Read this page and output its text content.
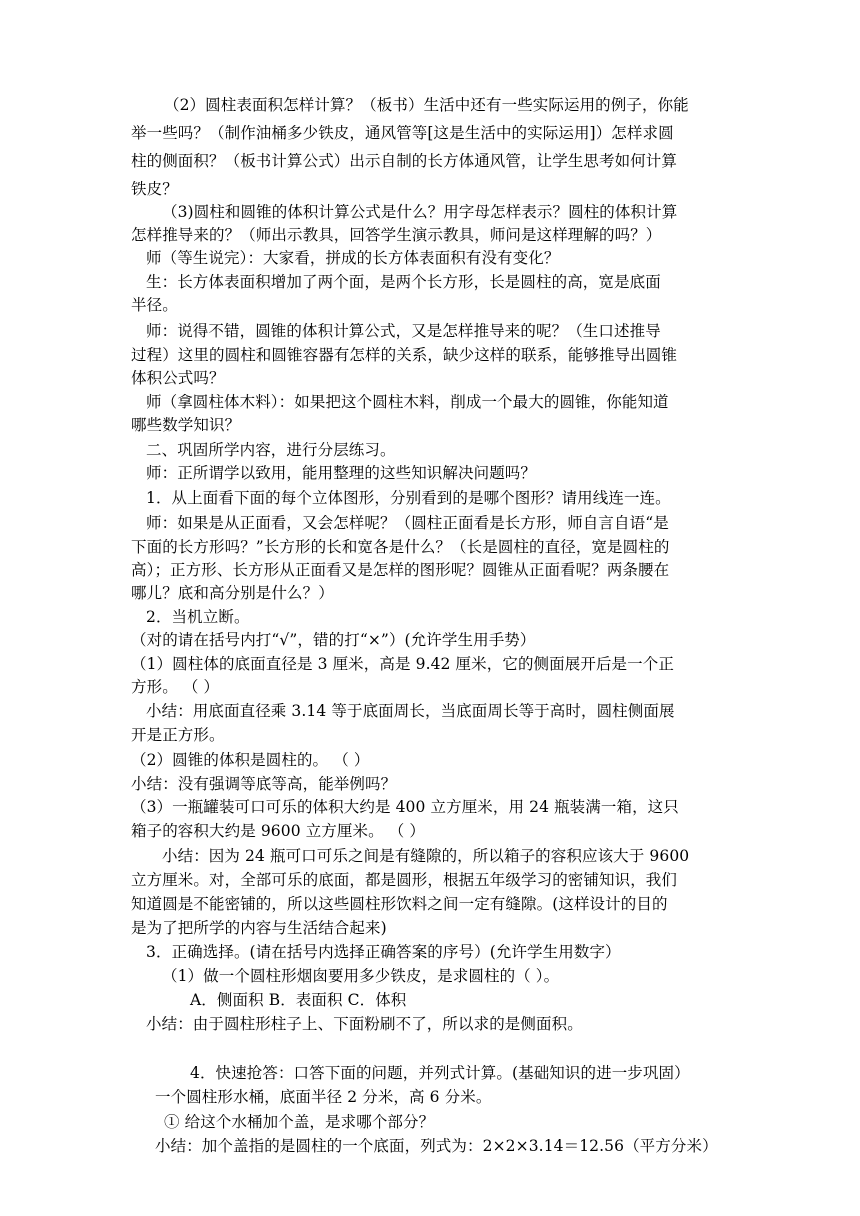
（2）圆柱表面积怎样计算？（板书）生活中还有一些实际运用的例子，你能
举一些吗？（制作油桶多少铁皮，通风管等[这是生活中的实际运用]）怎样求圆
柱的侧面积？（板书计算公式）出示自制的长方体通风管，让学生思考如何计算
铁皮？
（3)圆柱和圆锥的体积计算公式是什么？用字母怎样表示？圆柱的体积计算
怎样推导来的？（师出示教具，回答学生演示教具，师问是这样理解的吗？）
师（等生说完）：大家看，拼成的长方体表面积有没有变化？
生：长方体表面积增加了两个面，是两个长方形，长是圆柱的高，宽是底面
半径。
师：说得不错，圆锥的体积计算公式，又是怎样推导来的呢？（生口述推导
过程）这里的圆柱和圆锥容器有怎样的关系，缺少这样的联系，能够推导出圆锥
体积公式吗？
师（拿圆柱体木料）：如果把这个圆柱木料，削成一个最大的圆锥，你能知道
哪些数学知识？
二、巩固所学内容，进行分层练习。
师：正所谓学以致用，能用整理的这些知识解决问题吗？
1．从上面看下面的每个立体图形，分别看到的是哪个图形？请用线连一连。
师：如果是从正面看，又会怎样呢？（圆柱正面看是长方形，师自言自语“是
下面的长方形吗？”长方形的长和宽各是什么？（长是圆柱的直径，宽是圆柱的
高）；正方形、长方形从正面看又是怎样的图形呢？圆锥从正面看呢？两条腰在
哪儿？底和高分别是什么？）
2．当机立断。
（对的请在括号内打“√”，错的打“×”）(允许学生用手势）
（1）圆柱体的底面直径是 3 厘米，高是 9.42 厘米，它的侧面展开后是一个正
方形。 （ ）
小结：用底面直径乘 3.14 等于底面周长，当底面周长等于高时，圆柱侧面展
开是正方形。
（2）圆锥的体积是圆柱的。 （ ）
小结：没有强调等底等高，能举例吗？
（3）一瓶罐装可口可乐的体积大约是 400 立方厘米，用 24 瓶装满一箱，这只
箱子的容积大约是 9600 立方厘米。 （ ）
小结：因为 24 瓶可口可乐之间是有缝隙的，所以箱子的容积应该大于 9600
立方厘米。对，全部可乐的底面，都是圆形，根据五年级学习的密铺知识，我们
知道圆是不能密铺的，所以这些圆柱形饮料之间一定有缝隙。(这样设计的目的
是为了把所学的内容与生活结合起来)
3．正确选择。(请在括号内选择正确答案的序号）(允许学生用数字）
（1）做一个圆柱形烟囱要用多少铁皮，是求圆柱的（ ）。
A．侧面积 B．表面积 C．体积
小结：由于圆柱形柱子上、下面粉刷不了，所以求的是侧面积。
4．快速抢答：口答下面的问题，并列式计算。(基础知识的进一步巩固）
一个圆柱形水桶，底面半径 2 分米，高 6 分米。
① 给这个水桶加个盖，是求哪个部分？
小结：加个盖指的是圆柱的一个底面，列式为：2×2×3.14＝12.56（平方分米）
